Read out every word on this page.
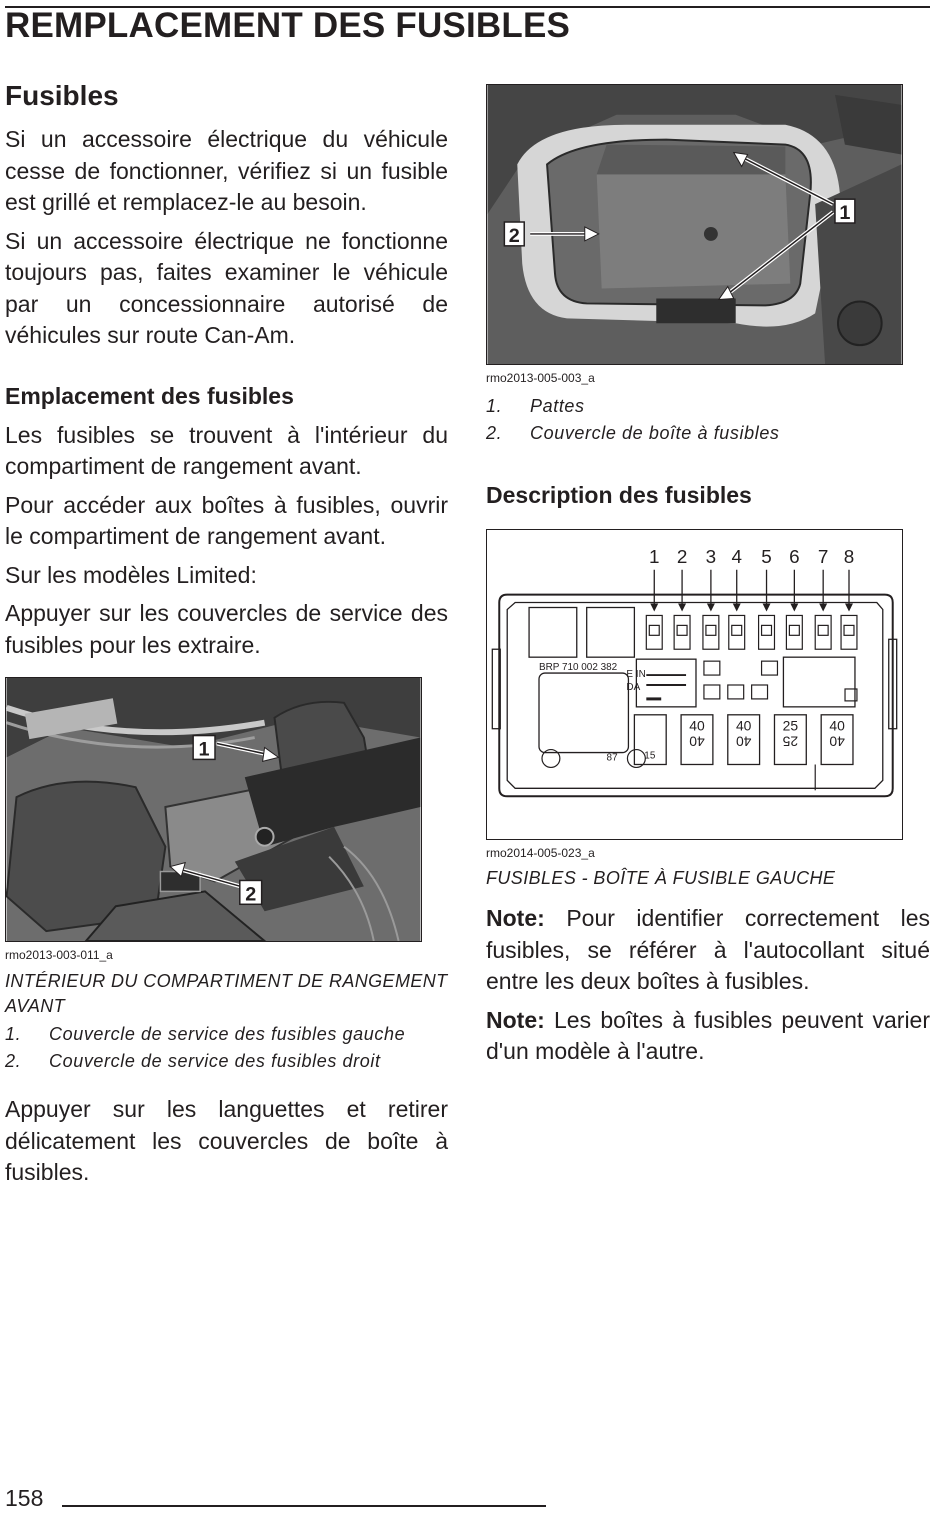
REMPLACEMENT DES FUSIBLES
Fusibles

Si un accessoire électrique du véhicule cesse de fonctionner, vérifiez si un fusible est grillé et remplacez-le au besoin.

Si un accessoire électrique ne fonctionne toujours pas, faites examiner le véhicule par un concessionnaire autorisé de véhicules sur route Can-Am.

Emplacement des fusibles

Les fusibles se trouvent à l'intérieur du compartiment de rangement avant.

Pour accéder aux boîtes à fusibles, ouvrir le compartiment de rangement avant.

Sur les modèles Limited:

Appuyer sur les couvercles de service des fusibles pour les extraire.

1
2

rmo2013-003-011_a

INTÉRIEUR DU COMPARTIMENT DE RANGEMENT AVANT

1. Couvercle de service des fusibles gauche
2. Couvercle de service des fusibles droit

Appuyer sur les languettes et retirer délicatement les couvercles de boîte à fusibles.

2
1

rmo2013-005-003_a

1. Pattes
2. Couvercle de boîte à fusibles
Description des fusibles
1 2 3 4 5 6 7 8
BRP 710 002 382
87
E IN
DA
15
40 40 25 40
40 40 25 40

rmo2014-005-023_a

FUSIBLES - BOÎTE À FUSIBLE GAUCHE

Note: Pour identifier correctement les fusibles, se référer à l'autocollant situé entre les deux boîtes à fusibles.

Note: Les boîtes à fusibles peuvent varier d'un modèle à l'autre.

158
